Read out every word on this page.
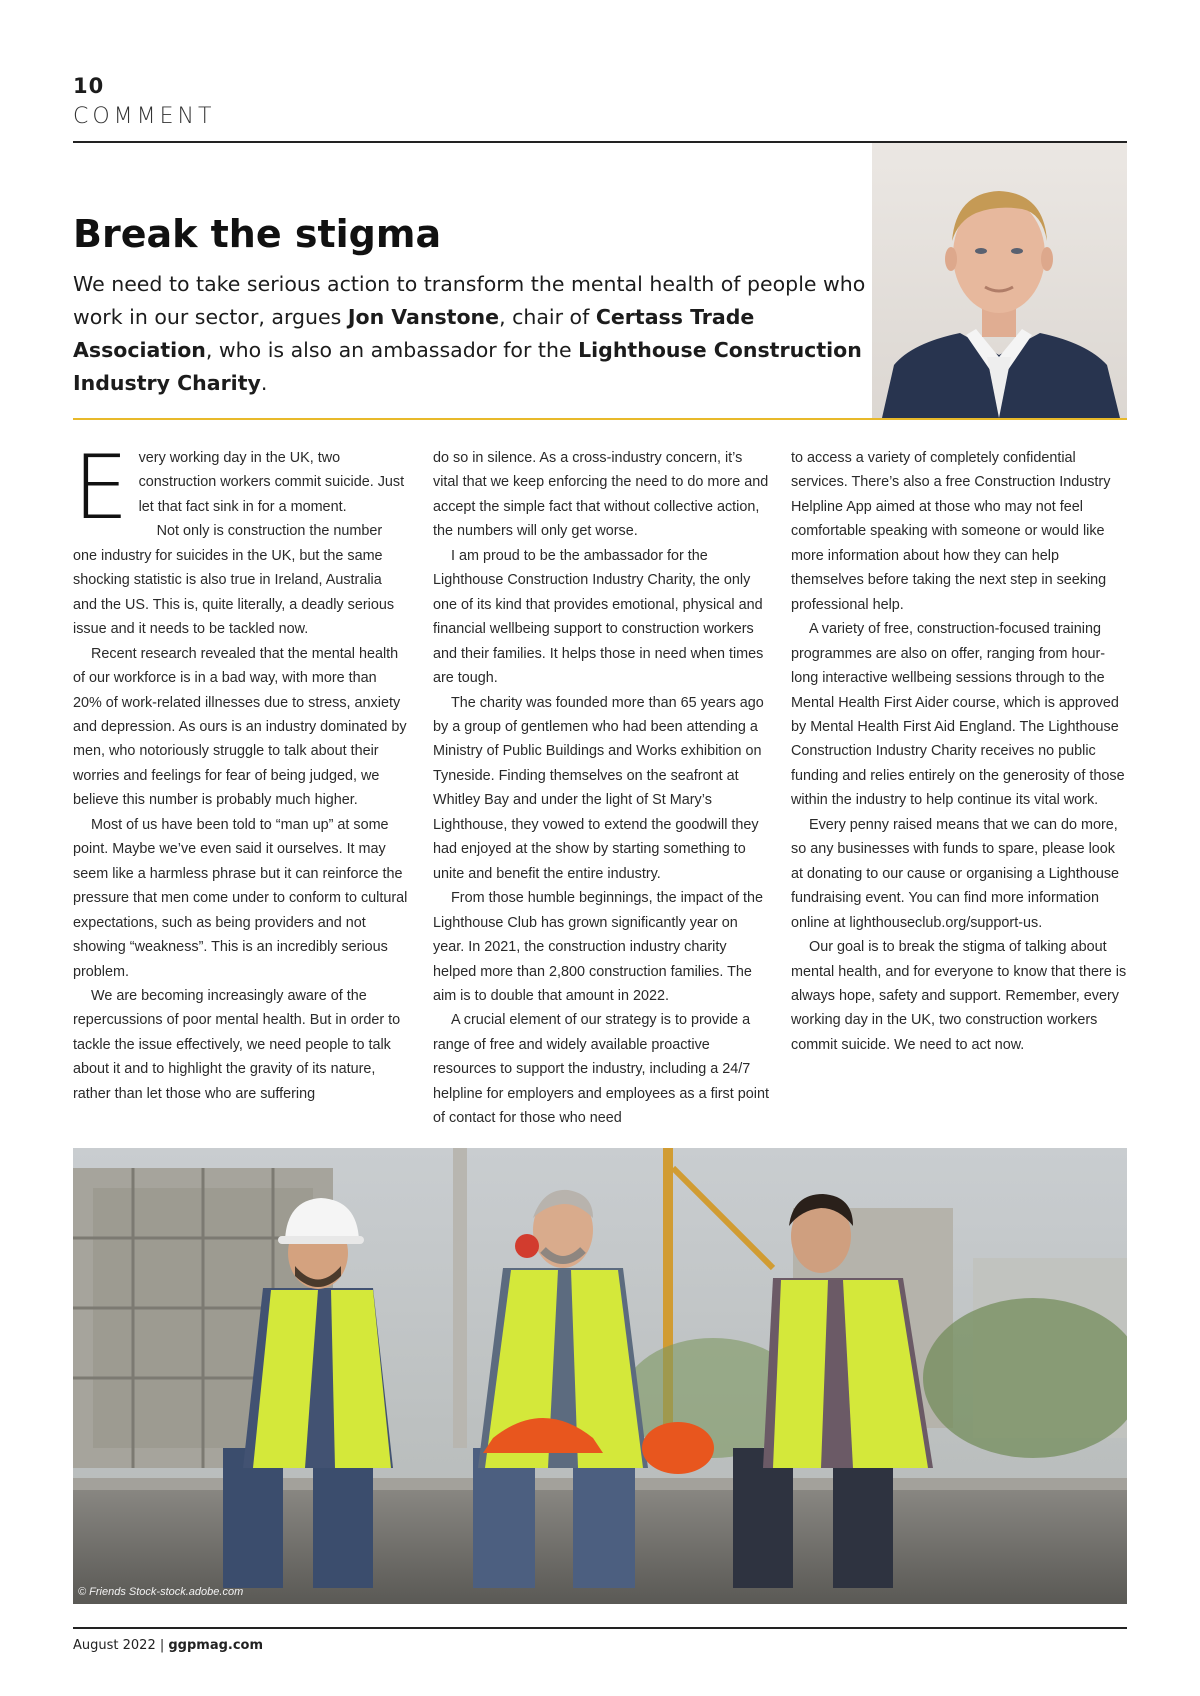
10
COMMENT
Break the stigma
We need to take serious action to transform the mental health of people who work in our sector, argues Jon Vanstone, chair of Certass Trade Association, who is also an ambassador for the Lighthouse Construction Industry Charity.
E very working day in the UK, two construction workers commit suicide. Just let that fact sink in for a moment.

Not only is construction the number one industry for suicides in the UK, but the same shocking statistic is also true in Ireland, Australia and the US. This is, quite literally, a deadly serious issue and it needs to be tackled now.

Recent research revealed that the mental health of our workforce is in a bad way, with more than 20% of work-related illnesses due to stress, anxiety and depression. As ours is an industry dominated by men, who notoriously struggle to talk about their worries and feelings for fear of being judged, we believe this number is probably much higher.

Most of us have been told to “man up” at some point. Maybe we’ve even said it ourselves. It may seem like a harmless phrase but it can reinforce the pressure that men come under to conform to cultural expectations, such as being providers and not showing “weakness”. This is an incredibly serious problem.

We are becoming increasingly aware of the repercussions of poor mental health. But in order to tackle the issue effectively, we need people to talk about it and to highlight the gravity of its nature, rather than let those who are suffering

do so in silence. As a cross-industry concern, it’s vital that we keep enforcing the need to do more and accept the simple fact that without collective action, the numbers will only get worse.

I am proud to be the ambassador for the Lighthouse Construction Industry Charity, the only one of its kind that provides emotional, physical and financial wellbeing support to construction workers and their families. It helps those in need when times are tough.

The charity was founded more than 65 years ago by a group of gentlemen who had been attending a Ministry of Public Buildings and Works exhibition on Tyneside. Finding themselves on the seafront at Whitley Bay and under the light of St Mary’s Lighthouse, they vowed to extend the goodwill they had enjoyed at the show by starting something to unite and benefit the entire industry.

From those humble beginnings, the impact of the Lighthouse Club has grown significantly year on year. In 2021, the construction industry charity helped more than 2,800 construction families. The aim is to double that amount in 2022.

A crucial element of our strategy is to provide a range of free and widely available proactive resources to support the industry, including a 24/7 helpline for employers and employees as a first point of contact for those who need

to access a variety of completely confidential services. There’s also a free Construction Industry Helpline App aimed at those who may not feel comfortable speaking with someone or would like more information about how they can help themselves before taking the next step in seeking professional help.

A variety of free, construction-focused training programmes are also on offer, ranging from hour-long interactive wellbeing sessions through to the Mental Health First Aider course, which is approved by Mental Health First Aid England. The Lighthouse Construction Industry Charity receives no public funding and relies entirely on the generosity of those within the industry to help continue its vital work.

Every penny raised means that we can do more, so any businesses with funds to spare, please look at donating to our cause or organising a Lighthouse fundraising event. You can find more information online at lighthouseclub.org/support-us.

Our goal is to break the stigma of talking about mental health, and for everyone to know that there is always hope, safety and support. Remember, every working day in the UK, two construction workers commit suicide. We need to act now.

© Friends Stock-stock.adobe.com
August 2022 | ggpmag.com
